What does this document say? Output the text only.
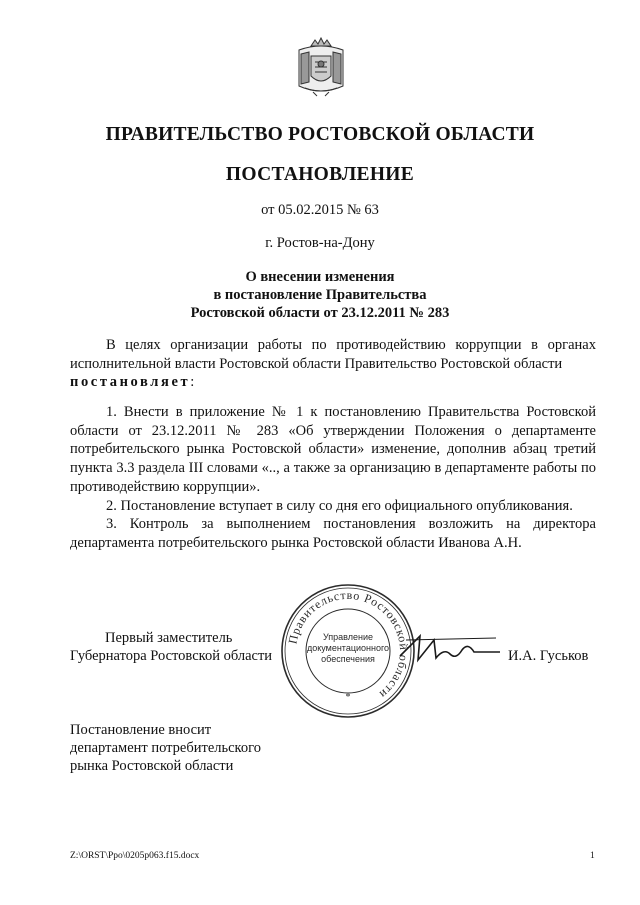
ПРАВИТЕЛЬСТВО РОСТОВСКОЙ ОБЛАСТИ
ПОСТАНОВЛЕНИЕ
от 05.02.2015 № 63
г. Ростов-на-Дону
О внесении изменения
в постановление Правительства
Ростовской области от 23.12.2011 № 283
В целях организации работы по противодействию коррупции в органах исполнительной власти Ростовской области Правительство Ростовской области
постановляет:
1. Внести в приложение № 1 к постановлению Правительства Ростовской области от 23.12.2011 № 283 «Об утверждении Положения о департаменте потребительского рынка Ростовской области» изменение, дополнив абзац третий пункта 3.3 раздела III словами «.., а также за организацию в департаменте работы по противодействию коррупции».
2. Постановление вступает в силу со дня его официального опубликования.
3. Контроль за выполнением постановления возложить на директора департамента потребительского рынка Ростовской области Иванова А.Н.
Первый заместитель
Губернатора Ростовской области	И.А. Гуськов
Правительство Ростовской области
*
Управление
документационного
обеспечения
Постановление вносит
департамент потребительского
рынка Ростовской области
Z:\ORST\Ppo\0205p063.f15.docx	1
